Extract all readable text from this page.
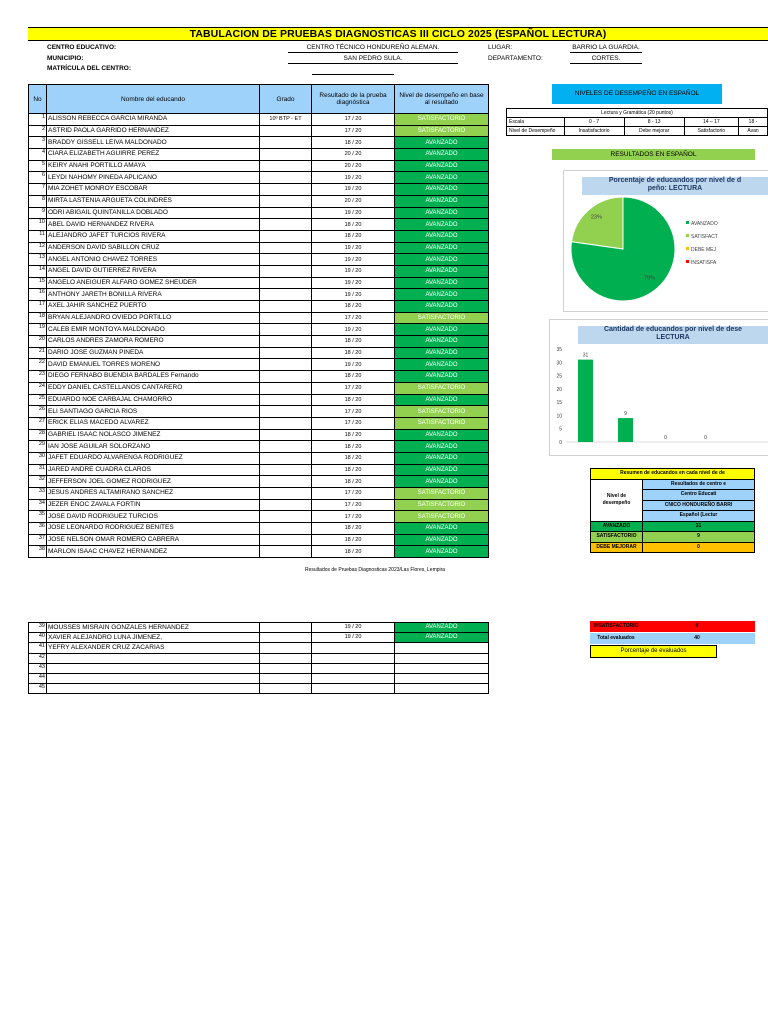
TABULACION DE PRUEBAS DIAGNOSTICAS III CICLO 2025 (ESPAÑOL LECTURA)
CENTRO EDUCATIVO:
MUNICIPIO:
MATRÍCULA DEL CENTRO:
CENTRO TÉCNICO HONDUREÑO ALEMAN.
SAN PEDRO SULA.
LUGAR:
DEPARTAMENTO:
BARRIO LA GUARDIA.
CORTES.
No	Nombre del educando	Grado	Resultado de la prueba diagnóstica	Nivel de desempeño en base al resultado
1	ALISSON REBECCA GARCIA MIRANDA	10º BTP - ET	17 / 20	SATISFACTORIO
2	ASTRID PAOLA GARRIDO HERNANDEZ		17 / 20	SATISFACTORIO
3	BRADDY GISSELL LEIVA MALDONADO		18 / 20	AVANZADO
4	CIARA ELIZABETH AGUIRRE PEREZ		20 / 20	AVANZADO
5	KEIRY ANAHI PORTILLO AMAYA		20 / 20	AVANZADO
6	LEYDI NAHOMY PINEDA APLICANO		19 / 20	AVANZADO
7	MIA ZOHET MONROY ESCOBAR		19 / 20	AVANZADO
8	MIRTA LASTENIA ARGUETA COLINDRES		20 / 20	AVANZADO
9	ODRI ABIGAIL QUINTANILLA DOBLADO		19 / 20	AVANZADO
10	ABEL DAVID HERNANDEZ RIVERA		18 / 20	AVANZADO
11	ALEJANDRO JAFET TURCIOS RIVERA		18 / 20	AVANZADO
12	ANDERSON DAVID SABILLON CRUZ		19 / 20	AVANZADO
13	ANGEL ANTONIO CHAVEZ TORRES		19 / 20	AVANZADO
14	ANGEL DAVID GUTIERREZ RIVERA		19 / 20	AVANZADO
15	ANGELO ANEIGUER ALFARO GOMEZ SHEUDER		19 / 20	AVANZADO
16	ANTHONY JARETH BONILLA RIVERA		19 / 20	AVANZADO
17	AXEL JAHIR SANCHEZ PUERTO		18 / 20	AVANZADO
18	BRYAN ALEJANDRO OVIEDO PORTILLO		17 / 20	SATISFACTORIO
19	CALEB EMIR MONTOYA MALDONADO		19 / 20	AVANZADO
20	CARLOS ANDRES ZAMORA ROMERO		18 / 20	AVANZADO
21	DARIO JOSE GUZMAN PINEDA		18 / 20	AVANZADO
22	DAVID EMANUEL TORRES MORENO		19 / 20	AVANZADO
23	DIEGO FERNABO BUENDIA BARDALES Fernando		18 / 20	AVANZADO
24	EDDY DANIEL CASTELLANOS CANTARERO		17 / 20	SATISFACTORIO
25	EDUARDO NOE CARBAJAL CHAMORRO		18 / 20	AVANZADO
26	ELI SANTIAGO GARCIA RIOS		17 / 20	SATISFACTORIO
27	ERICK ELIAS MACEDO ALVAREZ		17 / 20	SATISFACTORIO
28	GABRIEL ISAAC NOLASCO JIMENEZ		18 / 20	AVANZADO
29	IAN JOSE AGUILAR SOLORZANO		18 / 20	AVANZADO
30	JAFET EDUARDO ALVARENGA RODRIGUEZ		18 / 20	AVANZADO
31	JARED ANDRE CUADRA CLAROS		18 / 20	AVANZADO
32	JEFFERSON JOEL GOMEZ RODRIGUEZ		18 / 20	AVANZADO
33	JESUS ANDRES ALTAMIRANO SANCHEZ		17 / 20	SATISFACTORIO
34	JEZER ENOC ZAVALA FORTIN		17 / 20	SATISFACTORIO
35	JOSE DAVID RODRIGUEZ TURCIOS		17 / 20	SATISFACTORIO
36	JOSE LEONARDO RODRIGUEZ BENITES		18 / 20	AVANZADO
37	JOSE NELSON OMAR ROMERO CABRERA		18 / 20	AVANZADO
38	MARLON ISAAC CHAVEZ HERNANDEZ		18 / 20	AVANZADO
Resultados de Pruebas Diagnosticas 2023/Las Flores, Lempira
39	MOUSSES MISRAIN GONZALES HERNANDEZ		19 / 20	AVANZADO
40	XAVIER ALEJANDRO LUNA JIMENEZ,		19 / 20	AVANZADO
41	YEFRY ALEXANDER CRUZ ZACARIAS			
42				
43				
44				
45				
NIVELES DE DESEMPEÑO EN ESPAÑOL
Lectura y Gramática (20 puntos)				
Escala	0 - 7	8 - 13	14 – 17	18 -
Nivel de Desempeño	Insatisfactorio	Debe mejorar	Satisfactorio	Avan
RESULTADOS EN ESPAÑOL
Porcentaje de educandos por nivel de d
peño: LECTURA
23%
78%
AVANZADO
SATISFACT
DEBE MEJ
INSATISFA
Cantidad de educandos por nivel de dese
LECTURA
0
5
10
15
20
25
30
35
31
9
0	0
Resumen de educandos en cada nivel de de	
Nivel de desempeño	Resultados de centro e
	Centro Educati
	CNICO HONDUREÑO BARRI
	Español (Lectur
AVANZADO	31
SATISFACTORIO	9
DEBE MEJORAR	0
INSATISFACTORIO	0
Total evaluados	40
Porcentaje de evaluados
